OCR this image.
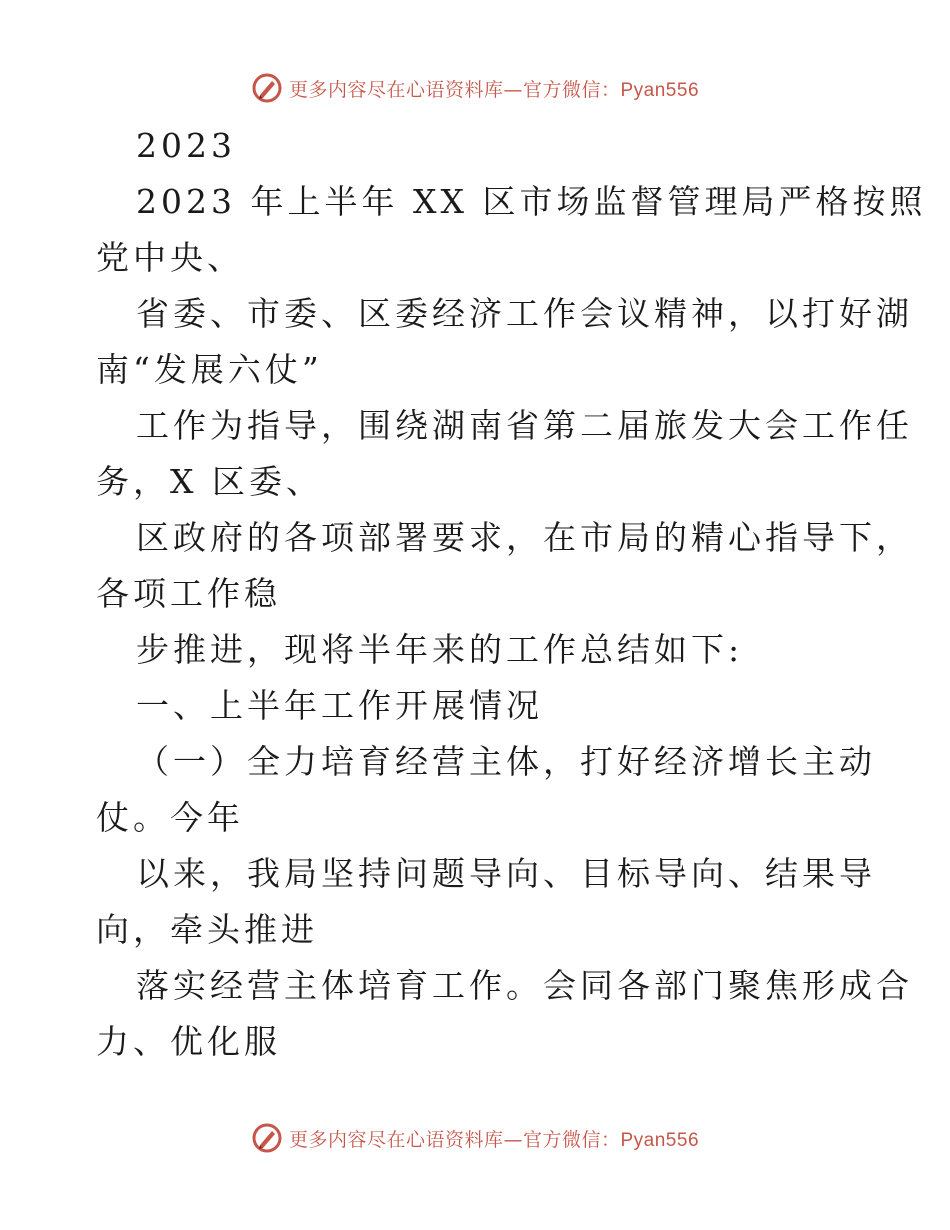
更多内容尽在心语资料库—官方微信：Pyan556

2023

2023 年上半年 XX 区市场监督管理局严格按照

党中央、

省委、市委、区委经济工作会议精神，以打好湖

南“发展六仗”

工作为指导，围绕湖南省第二届旅发大会工作任

务，X 区委、

区政府的各项部署要求，在市局的精心指导下，

各项工作稳

步推进，现将半年来的工作总结如下:

一、上半年工作开展情况

（一）全力培育经营主体，打好经济增长主动

仗。今年

以来，我局坚持问题导向、目标导向、结果导

向，牵头推进

落实经营主体培育工作。会同各部门聚焦形成合

力、优化服

更多内容尽在心语资料库—官方微信：Pyan556
